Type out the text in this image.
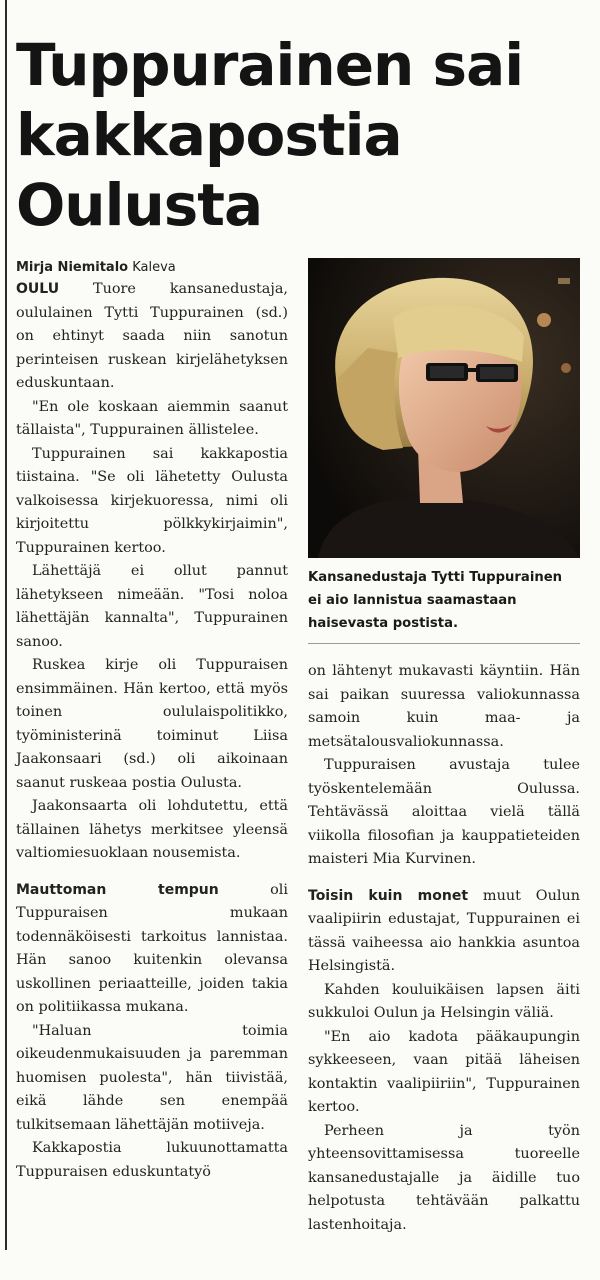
Tuppurainen sai kakkapostia Oulusta
Mirja Niemitalo Kaleva

OULU Tuore kansanedustaja, oululainen Tytti Tuppurainen (sd.) on ehtinyt saada niin sanotun perinteisen ruskean kirjelähetyksen eduskuntaan.

"En ole koskaan aiemmin saanut tällaista", Tuppurainen ällistelee.

Tuppurainen sai kakkapostia tiistaina. "Se oli lähetetty Oulusta valkoisessa kirjekuoressa, nimi oli kirjoitettu pölkkykirjaimin", Tuppurainen kertoo.

Lähettäjä ei ollut pannut lähetykseen nimeään. "Tosi noloa lähettäjän kannalta", Tuppurainen sanoo.

Ruskea kirje oli Tuppuraisen ensimmäinen. Hän kertoo, että myös toinen oululaispolitikko, työministerinä toiminut Liisa Jaakonsaari (sd.) oli aikoinaan saanut ruskeaa postia Oulusta.

Jaakonsaarta oli lohdutettu, että tällainen lähetys merkitsee yleensä valtiomiesuoklaan nousemista.

Mauttoman tempun	oli Tuppuraisen mukaan todennäköisesti tarkoitus lannistaa. Hän sanoo kuitenkin olevansa uskollinen periaatteille, joiden takia on politiikassa mukana.

"Haluan toimia oikeudenmukaisuuden ja paremman huomisen puolesta", hän tiivistää, eikä lähde sen enempää tulkitsemaan lähettäjän motiiveja.

Kakkapostia lukuunottamatta Tuppuraisen eduskuntatyö

Kansanedustaja Tytti Tuppurainen ei aio lannistua saamastaan haisevasta postista.

on lähtenyt mukavasti käyntiin. Hän sai paikan suuressa valiokunnassa samoin kuin maa- ja metsätalousvaliokunnassa.

Tuppuraisen avustaja tulee työskentelemään Oulussa. Tehtävässä aloittaa vielä tällä viikolla filosofian ja kauppatieteiden maisteri Mia Kurvinen.

Toisin kuin monet muut Oulun vaalipiirin edustajat, Tuppurainen ei tässä vaiheessa aio hankkia asuntoa Helsingistä.

Kahden kouluikäisen lapsen äiti sukkuloi Oulun ja Helsingin väliä.

"En aio kadota pääkaupungin sykkeeseen, vaan pitää läheisen kontaktin vaalipiiriin", Tuppurainen kertoo.

Perheen ja työn yhteensovittamisessa tuoreelle kansanedustajalle ja äidille tuo helpotusta tehtävään palkattu lastenhoitaja.
